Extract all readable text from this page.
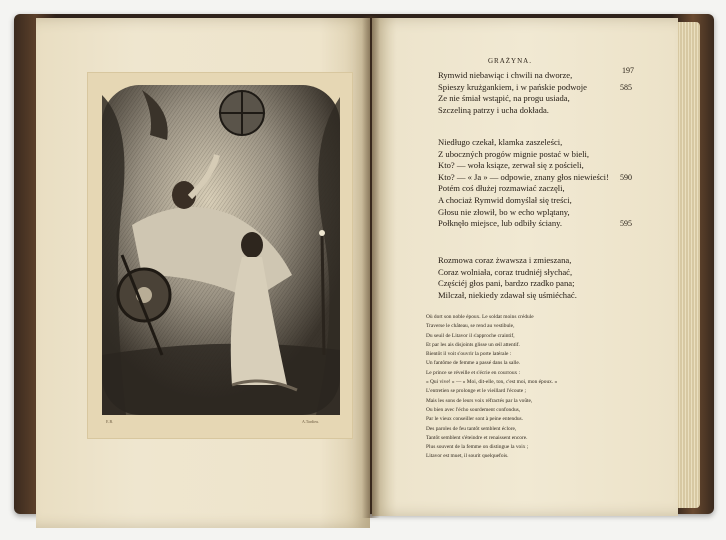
E.B.	A.Tardieu.
GRAŻYNA.
197
Rymwid niebawiąc i chwili na dworze,
Spieszy krużgankiem, i w pańskie podwoje	585
Ze nie śmiał wstąpić, na progu usiada,
Szczeliną patrzy i ucha dokłada.
Niedługo czekał, klamka zaszeleści,
Z uboczných progów mignie postać w bieli,
Kto? — woła ksiąze, zerwał się z pościeli,
Kto? — « Ja » — odpowie, znany głos niewieści! 590
Potém coś dłużej rozmawiać zaczęli,
A chociaż Rymwid domyślał się treści,
Głosu nie złowił, bo w echo wplątany,
Połknęło miejsce, lub odbiły ściany.	595
Rozmowa coraz żwawsza i zmieszana,
Coraz wolniała, coraz trudniéj słychać,
Częściéj głos pani, bardzo rzadko pana;
Milczał, niekiedy zdawał się uśmiéchać.
Où dort son noble époux. Le soldat moins crédule
Traverse le château, se rend au vestibule,
Du seuil de Litavor il s'approche craintif,
Et par les ais disjoints glisse un œil attentif.
Bientôt il voit s'ouvrir la porte latérale :
Un fantôme de femme a passé dans la salle.
Le prince se réveille et s'écrie en courroux :
« Qui vive! » — « Moi, dit-elle, ton, c'est moi, mon époux. »
L'entretien se prolonge et le vieillard l'écoute ;
Mais les sons de leurs voix réfractés par la voûte,
Ou bien avec l'écho sourdement confondus,
Par le vieux conseiller sont à peine entendus.
Des paroles de feu tantôt semblent éclore,
Tantôt semblent s'éteindre et renaissent encore.
Plus souvent de la femme on distingue la voix ;
Litavor est muet, il sourit quelquefois.
